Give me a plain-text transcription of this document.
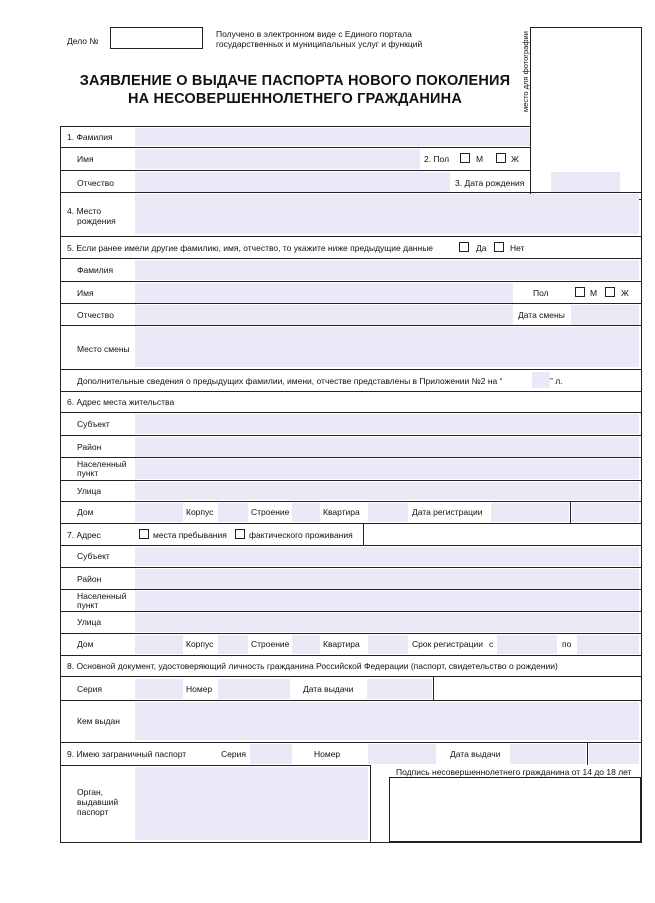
Дело №
Получено в электронном виде с Единого портала
государственных и муниципальных услуг и функций	место для фотографии
ЗАЯВЛЕНИЕ О ВЫДАЧЕ ПАСПОРТА НОВОГО ПОКОЛЕНИЯ
НА НЕСОВЕРШЕННОЛЕТНЕГО ГРАЖДАНИНА
1. Фамилия
Имя	2. Пол	М	Ж
Отчество	3. Дата рождения
4. Место
рождения
5. Если ранее имели другие фамилию, имя, отчество, то укажите ниже предыдущие данные	Да	Нет
Фамилия
Имя	Пол	М	Ж
Отчество	Дата смены
Место смены
Дополнительные сведения о предыдущих фамилии, имени, отчестве представлены в Приложении №2 на “	” л.
6. Адрес места жительства
Субъект
Район
Населенный
пункт
Улица
Дом	Корпус	Строение	Квартира	Дата регистрации
7. Адрес	места пребывания	фактического проживания
Субъект
Район
Населенный
пункт
Улица
Дом	Корпус	Строение	Квартира	Срок регистрации с	по
8. Основной документ, удостоверяющий личность гражданина Российской Федерации (паспорт, свидетельство о рождении)
Серия	Номер	Дата выдачи
Кем выдан
9. Имею заграничный паспорт	Серия	Номер	Дата выдачи
Орган,
выдавший
паспорт
Подпись несовершеннолетнего гражданина от 14 до 18 лет
